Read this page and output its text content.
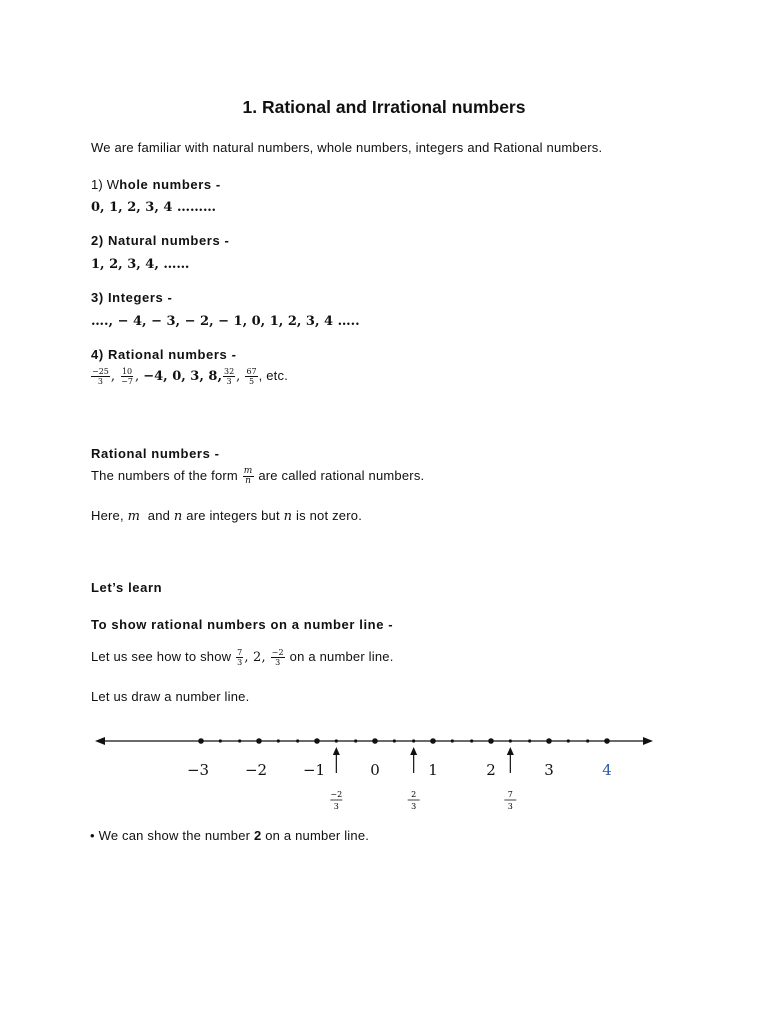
1. Rational and Irrational numbers
We are familiar with natural numbers, whole numbers, integers and Rational numbers.
1) Whole numbers -
0, 1, 2, 3, 4 ………
2) Natural numbers -
1, 2, 3, 4, ……
3) Integers -
…., − 4, − 3, − 2, − 1, 0, 1, 2, 3, 4 …..
4) Rational numbers -
$\frac{-25}{3}$ , $\frac{10}{-7}$ , −4, 0, 3, 8, $\frac{32}{3}$ , $\frac{67}{5}$ , etc.
Rational numbers -
The numbers of the form $\frac{m}{n}$ are called rational numbers.
Here, m and n are integers but n is not zero.
Let’s learn
To show rational numbers on a number line -
Let us see how to show $\frac{7}{3}$ , 2, $\frac{-2}{3}$ on a number line.
Let us draw a number line.
−3 −2 −1	0	1	2	3	4
−2
3
2
3
7
3
• We can show the number 2 on a number line.
